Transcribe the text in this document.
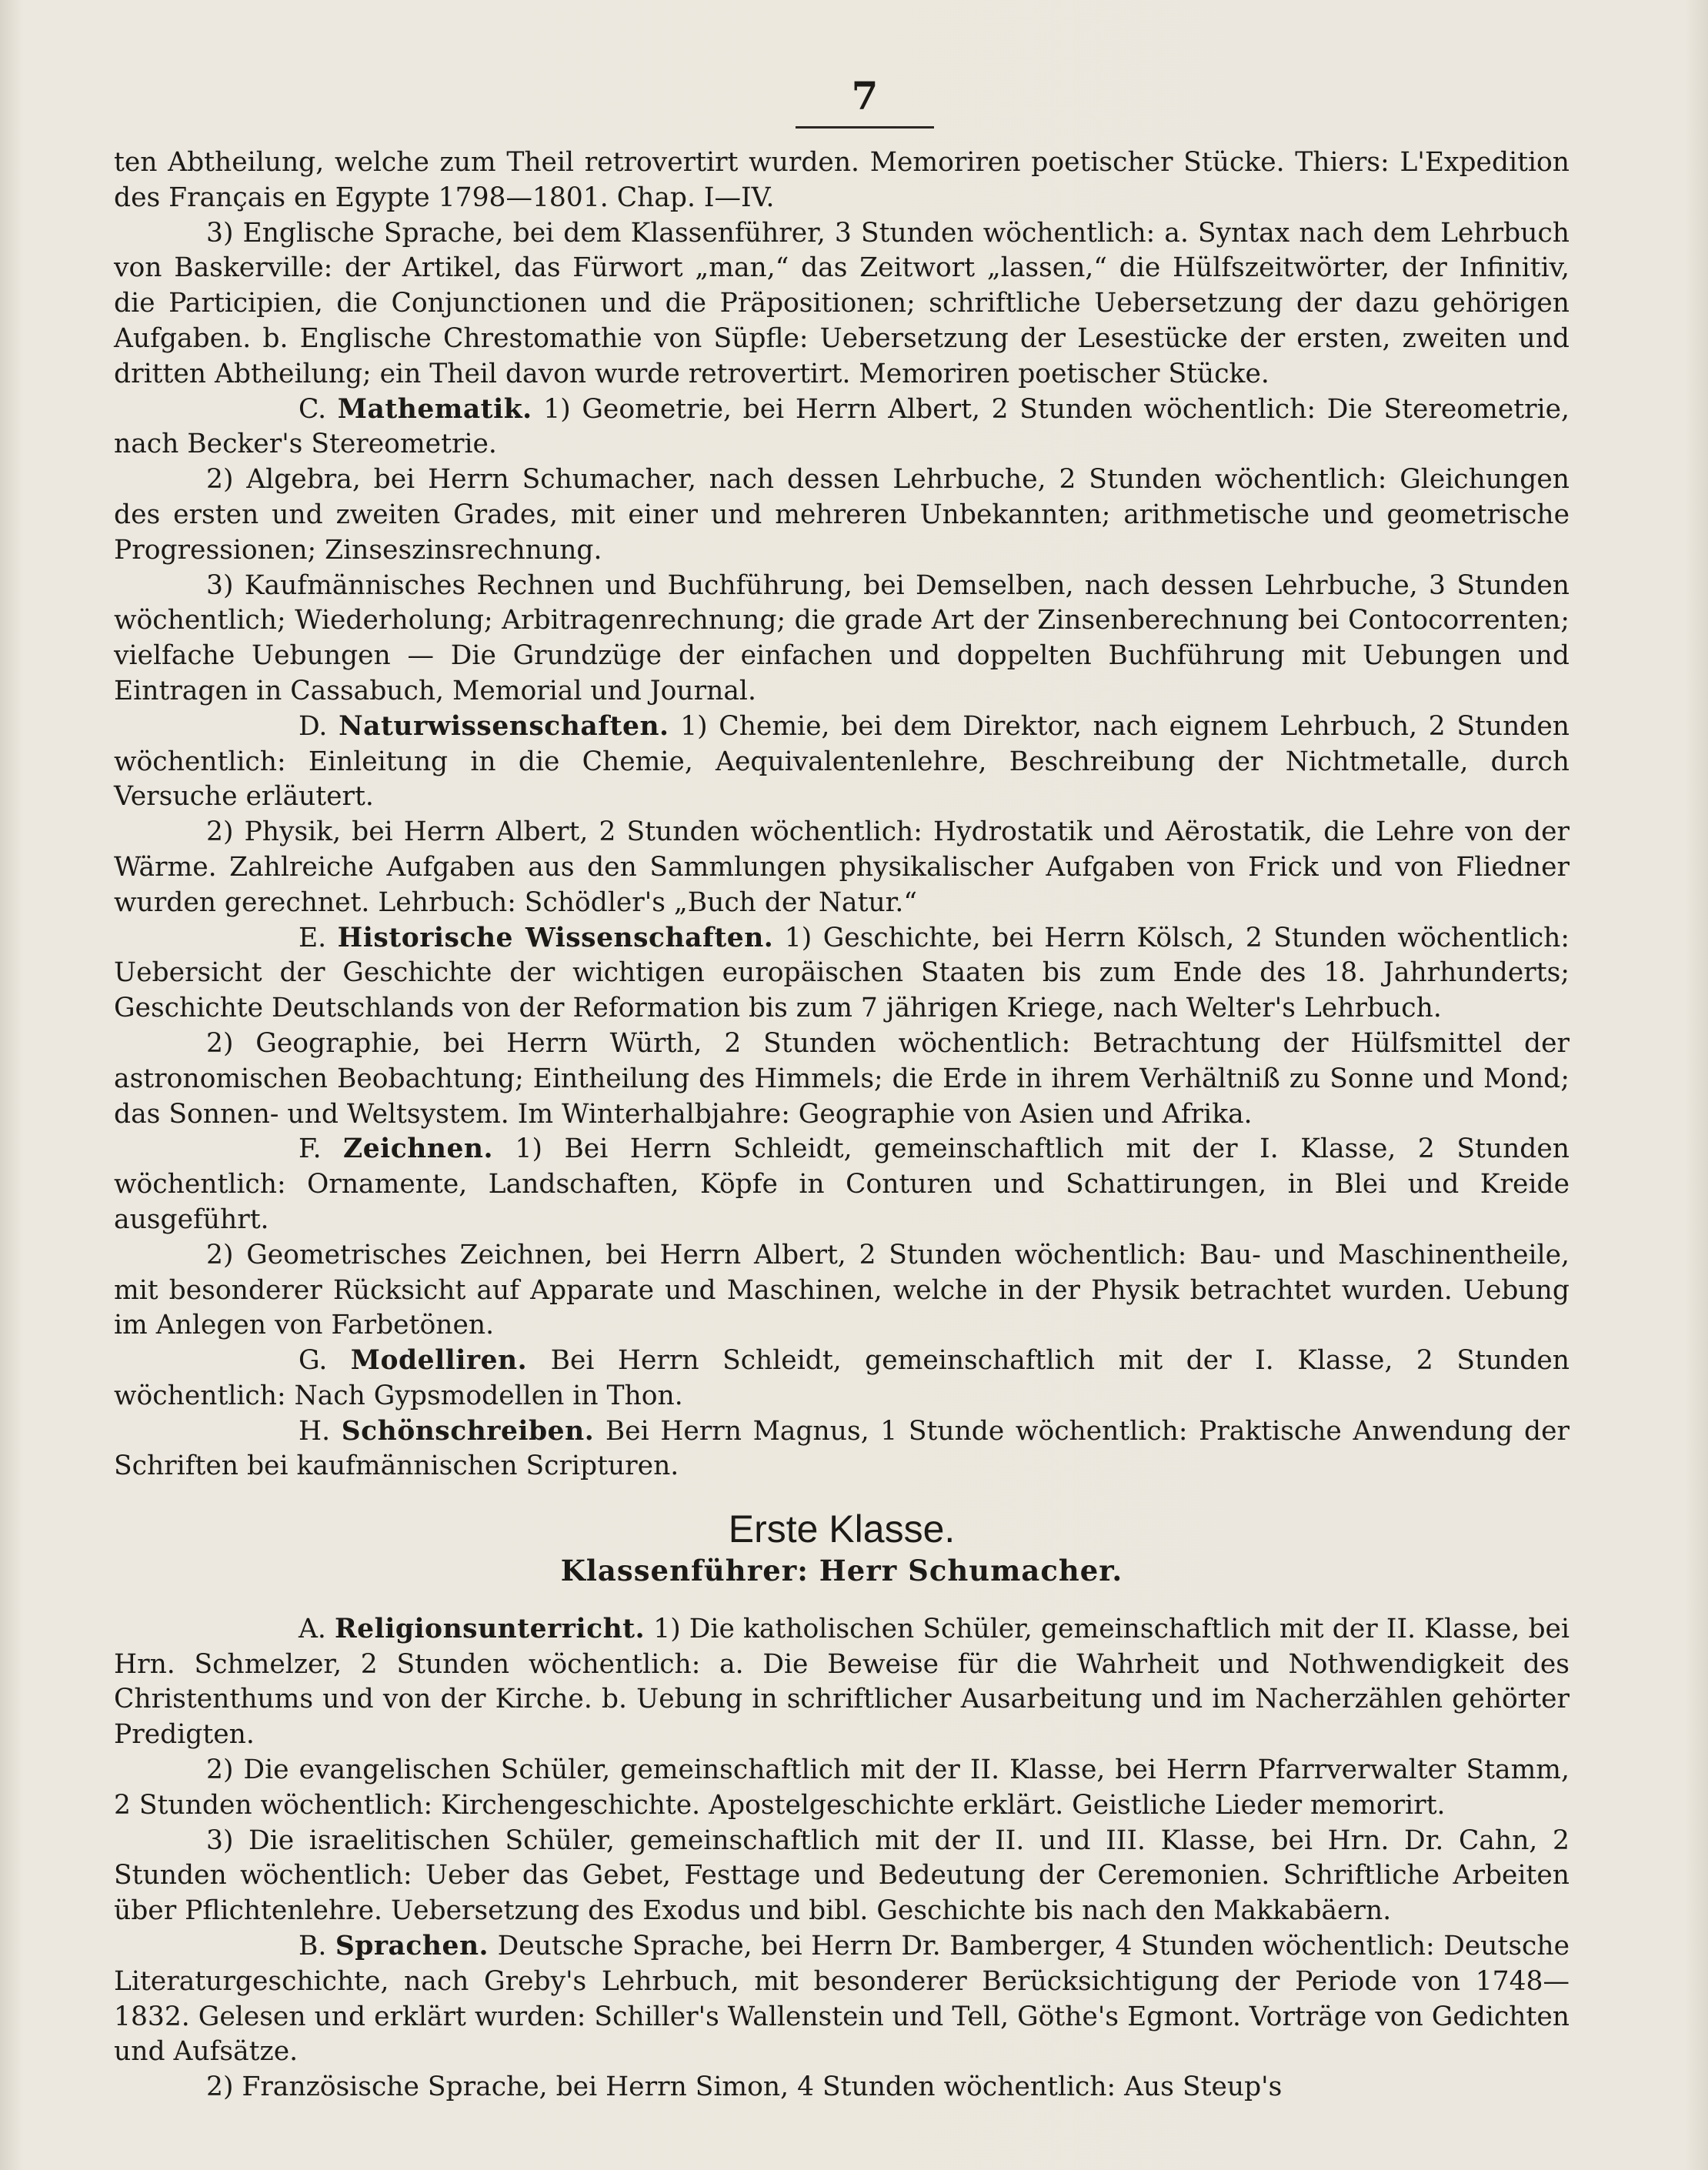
7

ten Abtheilung, welche zum Theil retrovertirt wurden. Memoriren poetischer Stücke. Thiers: L'Expedition des Français en Egypte 1798—1801. Chap. I—IV.

3) Englische Sprache, bei dem Klassenführer, 3 Stunden wöchentlich: a. Syntax nach dem Lehrbuch von Baskerville: der Artikel, das Fürwort „man,“ das Zeitwort „lassen,“ die Hülfszeitwörter, der Infinitiv, die Participien, die Conjunctionen und die Präpositionen; schriftliche Uebersetzung der dazu gehörigen Aufgaben. b. Englische Chrestomathie von Süpfle: Uebersetzung der Lesestücke der ersten, zweiten und dritten Abtheilung; ein Theil davon wurde retrovertirt. Memoriren poetischer Stücke.

C. Mathematik. 1) Geometrie, bei Herrn Albert, 2 Stunden wöchentlich: Die Stereometrie, nach Becker's Stereometrie.

2) Algebra, bei Herrn Schumacher, nach dessen Lehrbuche, 2 Stunden wöchentlich: Gleichungen des ersten und zweiten Grades, mit einer und mehreren Unbekannten; arithmetische und geometrische Progressionen; Zinseszinsrechnung.

3) Kaufmännisches Rechnen und Buchführung, bei Demselben, nach dessen Lehrbuche, 3 Stunden wöchentlich; Wiederholung; Arbitragenrechnung; die grade Art der Zinsenberechnung bei Contocorrenten; vielfache Uebungen — Die Grundzüge der einfachen und doppelten Buchführung mit Uebungen und Eintragen in Cassabuch, Memorial und Journal.

D. Naturwissenschaften. 1) Chemie, bei dem Direktor, nach eignem Lehrbuch, 2 Stunden wöchentlich: Einleitung in die Chemie, Aequivalentenlehre, Beschreibung der Nichtmetalle, durch Versuche erläutert.

2) Physik, bei Herrn Albert, 2 Stunden wöchentlich: Hydrostatik und Aërostatik, die Lehre von der Wärme. Zahlreiche Aufgaben aus den Sammlungen physikalischer Aufgaben von Frick und von Fliedner wurden gerechnet. Lehrbuch: Schödler's „Buch der Natur.“

E. Historische Wissenschaften. 1) Geschichte, bei Herrn Kölsch, 2 Stunden wöchentlich: Uebersicht der Geschichte der wichtigen europäischen Staaten bis zum Ende des 18. Jahrhunderts; Geschichte Deutschlands von der Reformation bis zum 7 jährigen Kriege, nach Welter's Lehrbuch.

2) Geographie, bei Herrn Würth, 2 Stunden wöchentlich: Betrachtung der Hülfsmittel der astronomischen Beobachtung; Eintheilung des Himmels; die Erde in ihrem Verhältniß zu Sonne und Mond; das Sonnen- und Weltsystem. Im Winterhalbjahre: Geographie von Asien und Afrika.

F. Zeichnen. 1) Bei Herrn Schleidt, gemeinschaftlich mit der I. Klasse, 2 Stunden wöchentlich: Ornamente, Landschaften, Köpfe in Conturen und Schattirungen, in Blei und Kreide ausgeführt.

2) Geometrisches Zeichnen, bei Herrn Albert, 2 Stunden wöchentlich: Bau- und Maschinentheile, mit besonderer Rücksicht auf Apparate und Maschinen, welche in der Physik betrachtet wurden. Uebung im Anlegen von Farbetönen.

G. Modelliren. Bei Herrn Schleidt, gemeinschaftlich mit der I. Klasse, 2 Stunden wöchentlich: Nach Gypsmodellen in Thon.

H. Schönschreiben. Bei Herrn Magnus, 1 Stunde wöchentlich: Praktische Anwendung der Schriften bei kaufmännischen Scripturen.

Erste Klasse.
Klassenführer: Herr Schumacher.

A. Religionsunterricht. 1) Die katholischen Schüler, gemeinschaftlich mit der II. Klasse, bei Hrn. Schmelzer, 2 Stunden wöchentlich: a. Die Beweise für die Wahrheit und Nothwendigkeit des Christenthums und von der Kirche. b. Uebung in schriftlicher Ausarbeitung und im Nacherzählen gehörter Predigten.

2) Die evangelischen Schüler, gemeinschaftlich mit der II. Klasse, bei Herrn Pfarrverwalter Stamm, 2 Stunden wöchentlich: Kirchengeschichte. Apostelgeschichte erklärt. Geistliche Lieder memorirt.

3) Die israelitischen Schüler, gemeinschaftlich mit der II. und III. Klasse, bei Hrn. Dr. Cahn, 2 Stunden wöchentlich: Ueber das Gebet, Festtage und Bedeutung der Ceremonien. Schriftliche Arbeiten über Pflichtenlehre. Uebersetzung des Exodus und bibl. Geschichte bis nach den Makkabäern.

B. Sprachen. Deutsche Sprache, bei Herrn Dr. Bamberger, 4 Stunden wöchentlich: Deutsche Literaturgeschichte, nach Greby's Lehrbuch, mit besonderer Berücksichtigung der Periode von 1748—1832. Gelesen und erklärt wurden: Schiller's Wallenstein und Tell, Göthe's Egmont. Vorträge von Gedichten und Aufsätze.

2) Französische Sprache, bei Herrn Simon, 4 Stunden wöchentlich: Aus Steup's
